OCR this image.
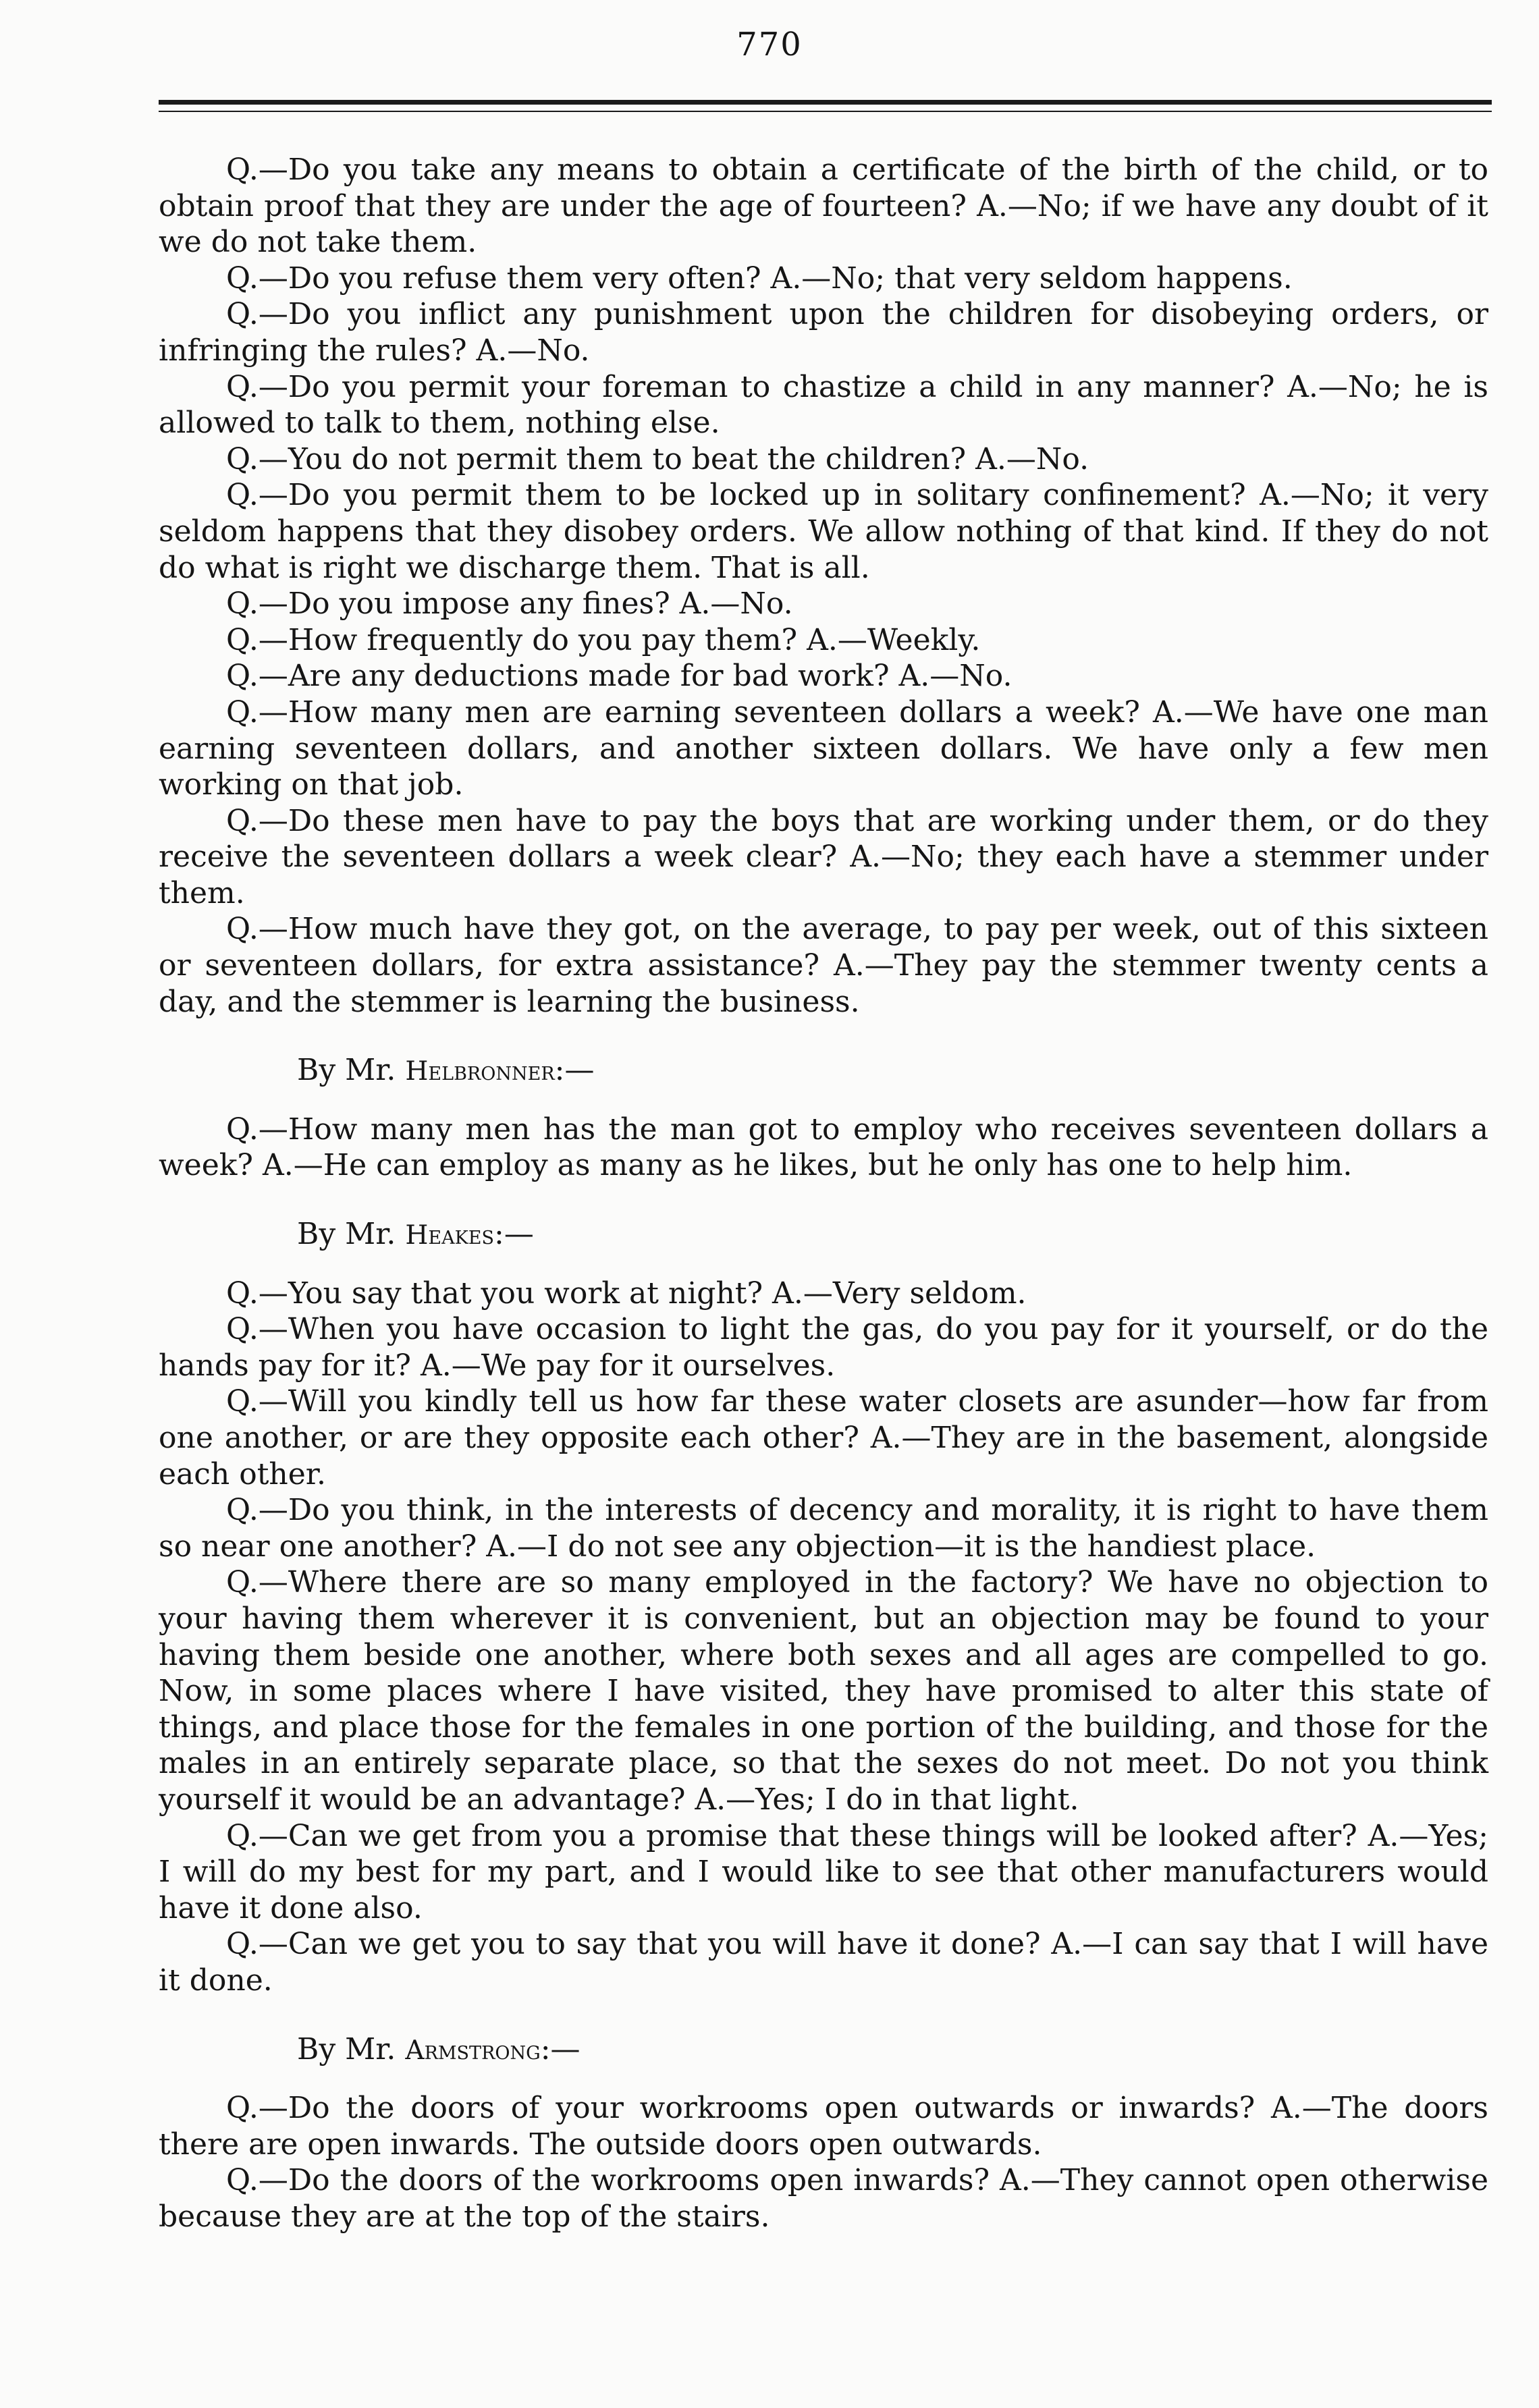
770

Q.—Do you take any means to obtain a certificate of the birth of the child, or to obtain proof that they are under the age of fourteen? A.—No; if we have any doubt of it we do not take them.

Q.—Do you refuse them very often? A.—No; that very seldom happens.

Q.—Do you inflict any punishment upon the children for disobeying orders, or infringing the rules? A.—No.

Q.—Do you permit your foreman to chastize a child in any manner? A.—No; he is allowed to talk to them, nothing else.

Q.—You do not permit them to beat the children? A.—No.

Q.—Do you permit them to be locked up in solitary confinement? A.—No; it very seldom happens that they disobey orders. We allow nothing of that kind. If they do not do what is right we discharge them. That is all.

Q.—Do you impose any fines? A.—No.

Q.—How frequently do you pay them? A.—Weekly.

Q.—Are any deductions made for bad work? A.—No.

Q.—How many men are earning seventeen dollars a week? A.—We have one man earning seventeen dollars, and another sixteen dollars. We have only a few men working on that job.

Q.—Do these men have to pay the boys that are working under them, or do they receive the seventeen dollars a week clear? A.—No; they each have a stemmer under them.

Q.—How much have they got, on the average, to pay per week, out of this sixteen or seventeen dollars, for extra assistance? A.—They pay the stemmer twenty cents a day, and the stemmer is learning the business.

By Mr. Helbronner:—

Q.—How many men has the man got to employ who receives seventeen dollars a week? A.—He can employ as many as he likes, but he only has one to help him.

By Mr. Heakes:—

Q.—You say that you work at night? A.—Very seldom.

Q.—When you have occasion to light the gas, do you pay for it yourself, or do the hands pay for it? A.—We pay for it ourselves.

Q.—Will you kindly tell us how far these water closets are asunder—how far from one another, or are they opposite each other? A.—They are in the basement, alongside each other.

Q.—Do you think, in the interests of decency and morality, it is right to have them so near one another? A.—I do not see any objection—it is the handiest place.

Q.—Where there are so many employed in the factory? We have no objection to your having them wherever it is convenient, but an objection may be found to your having them beside one another, where both sexes and all ages are compelled to go. Now, in some places where I have visited, they have promised to alter this state of things, and place those for the females in one portion of the building, and those for the males in an entirely separate place, so that the sexes do not meet. Do not you think yourself it would be an advantage? A.—Yes; I do in that light.

Q.—Can we get from you a promise that these things will be looked after? A.—Yes; I will do my best for my part, and I would like to see that other manufacturers would have it done also.

Q.—Can we get you to say that you will have it done? A.—I can say that I will have it done.

By Mr. Armstrong:—

Q.—Do the doors of your workrooms open outwards or inwards? A.—The doors there are open inwards. The outside doors open outwards.

Q.—Do the doors of the workrooms open inwards? A.—They cannot open otherwise because they are at the top of the stairs.
